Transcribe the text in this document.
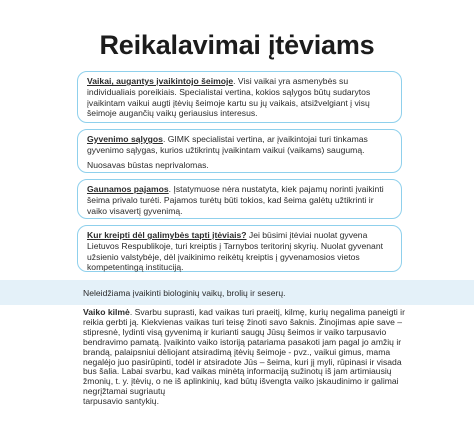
Reikalavimai įtėviams

Vaikai, augantys įvaikintojo šeimoje. Visi vaikai yra asmenybės su individualiais poreikiais. Specialistai vertina, kokios sąlygos būtų sudarytos įvaikintam vaikui augti įtėvių šeimoje kartu su jų vaikais, atsižvelgiant į visų šeimoje augančių vaikų geriausius interesus.

Gyvenimo sąlygos. GIMK specialistai vertina, ar įvaikintojai turi tinkamas gyvenimo sąlygas, kurios užtikrintų įvaikintam vaikui (vaikams) saugumą.

Nuosavas būstas neprivalomas.

Gaunamos pajamos. Įstatymuose nėra nustatyta, kiek pajamų norinti įvaikinti šeima privalo turėti. Pajamos turėtų būti tokios, kad šeima galėtų užtikrinti ir vaiko visavertį gyvenimą.

Kur kreipti dėl galimybės tapti įtėviais? Jei būsimi įtėviai nuolat gyvena Lietuvos Respublikoje, turi kreiptis į Tarnybos teritorinį skyrių. Nuolat gyvenant užsienio valstybėje, dėl įvaikinimo reikėtų kreiptis į gyvenamosios vietos kompetentingą instituciją.

Neleidžiama įvaikinti biologinių vaikų, brolių ir seserų.
Vaiko kilmė. Svarbu suprasti, kad vaikas turi praeitį, kilmę, kurių negalima paneigti ir
reikia gerbti ją. Kiekvienas vaikas turi teisę žinoti savo šaknis. Žinojimas apie save –
stipresnė, lydinti visą gyvenimą ir kurianti saugų Jūsų šeimos ir vaiko tarpusavio
bendravimo pamatą. Įvaikinto vaiko istoriją patariama pasakoti jam pagal jo amžių ir
brandą, palaipsniui dėliojant atsiradimą įtėvių šeimoje - pvz., vaikui gimus, mama
negalėjo juo pasirūpinti, todėl ir atsiradote Jūs – šeima, kuri jį myli, rūpinasi ir visada
bus šalia. Labai svarbu, kad vaikas minėtą informaciją sužinotų iš jam artimiausių
žmonių, t. y. įtėvių, o ne iš aplinkinių, kad būtų išvengta vaiko įskaudinimo ir galimai
negrįžtamai sugriautų
tarpusavio santykių.
